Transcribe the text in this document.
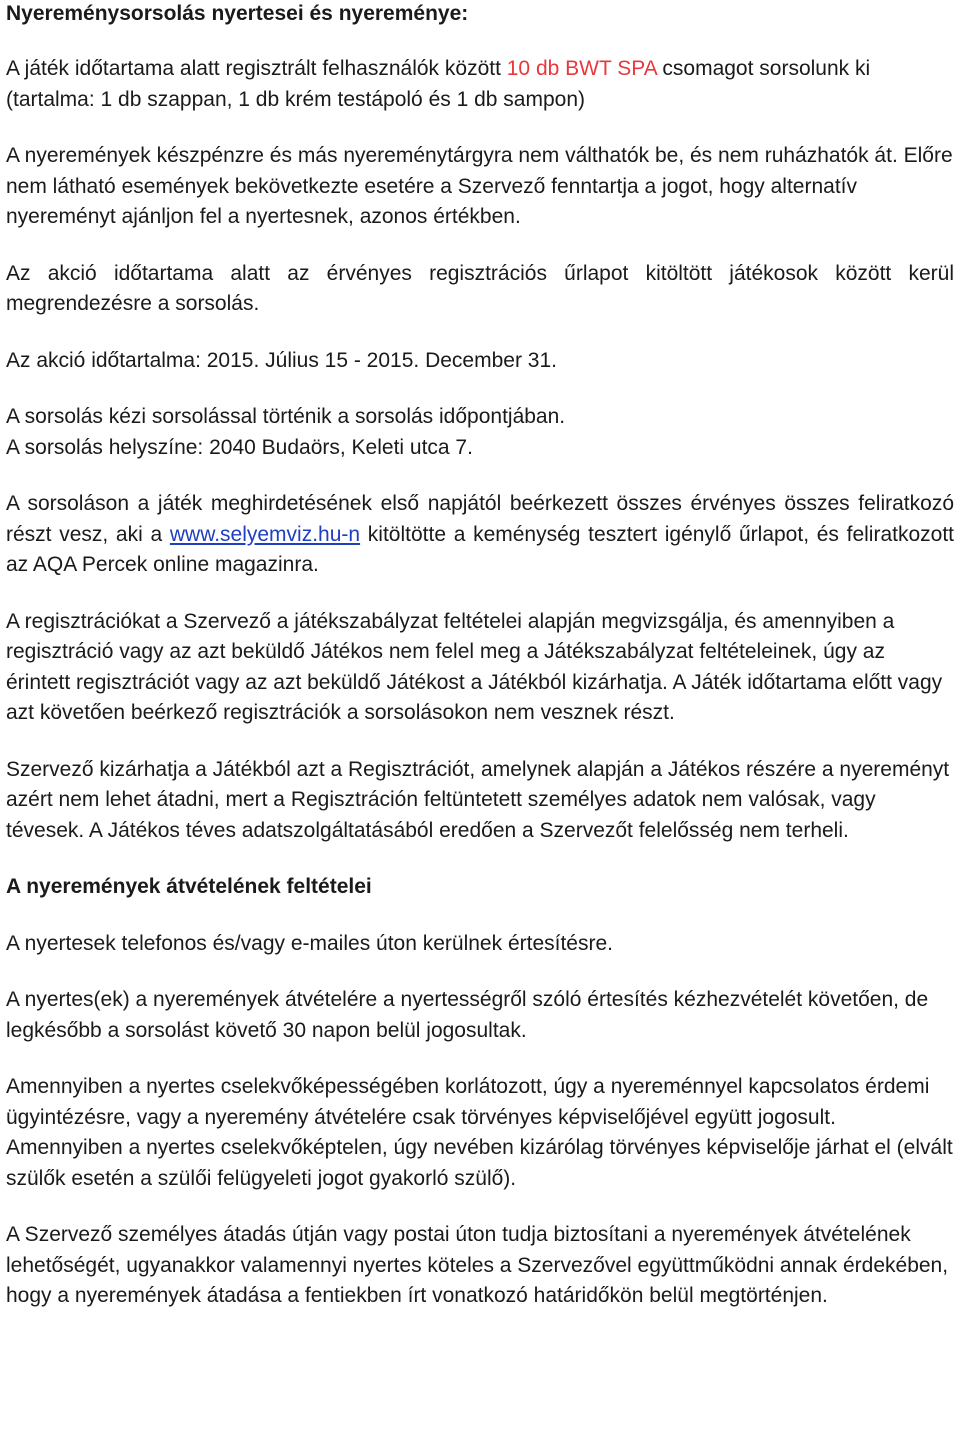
Nyereménysorsolás nyertesei és nyereménye:

A játék időtartama alatt regisztrált felhasználók között 10 db BWT SPA csomagot sorsolunk ki (tartalma: 1 db szappan, 1 db krém testápoló és 1 db sampon)

A nyeremények készpénzre és más nyereménytárgyra nem válthatók be, és nem ruházhatók át. Előre nem látható események bekövetkezte esetére a Szervező fenntartja a jogot, hogy alternatív nyereményt ajánljon fel a nyertesnek, azonos értékben.

Az akció időtartama alatt az érvényes regisztrációs űrlapot kitöltött játékosok között kerül megrendezésre a sorsolás.

Az akció időtartalma: 2015. Július 15 - 2015. December 31.

A sorsolás kézi sorsolással történik a sorsolás időpontjában.

A sorsolás helyszíne: 2040 Budaörs, Keleti utca 7.

A sorsoláson a játék meghirdetésének első napjától beérkezett összes érvényes összes feliratkozó részt vesz, aki a www.selyemviz.hu-n kitöltötte a keménység tesztert igénylő űrlapot, és feliratkozott az AQA Percek online magazinra.

A regisztrációkat a Szervező a játékszabályzat feltételei alapján megvizsgálja, és amennyiben a regisztráció vagy az azt beküldő Játékos nem felel meg a Játékszabályzat feltételeinek, úgy az érintett regisztrációt vagy az azt beküldő Játékost a Játékból kizárhatja. A Játék időtartama előtt vagy azt követően beérkező regisztrációk a sorsolásokon nem vesznek részt.

Szervező kizárhatja a Játékból azt a Regisztrációt, amelynek alapján a Játékos részére a nyereményt azért nem lehet átadni, mert a Regisztráción feltüntetett személyes adatok nem valósak, vagy tévesek. A Játékos téves adatszolgáltatásából eredően a Szervezőt felelősség nem terheli.

A nyeremények átvételének feltételei

A nyertesek telefonos és/vagy e-mailes úton kerülnek értesítésre.

A nyertes(ek) a nyeremények átvételére a nyertességről szóló értesítés kézhezvételét követően, de legkésőbb a sorsolást követő 30 napon belül jogosultak.

Amennyiben a nyertes cselekvőképességében korlátozott, úgy a nyereménnyel kapcsolatos érdemi ügyintézésre, vagy a nyeremény átvételére csak törvényes képviselőjével együtt jogosult. Amennyiben a nyertes cselekvőképtelen, úgy nevében kizárólag törvényes képviselője járhat el (elvált szülők esetén a szülői felügyeleti jogot gyakorló szülő).

A Szervező személyes átadás útján vagy postai úton tudja biztosítani a nyeremények átvételének lehetőségét, ugyanakkor valamennyi nyertes köteles a Szervezővel együttműködni annak érdekében, hogy a nyeremények átadása a fentiekben írt vonatkozó határidőkön belül megtörténjen.
